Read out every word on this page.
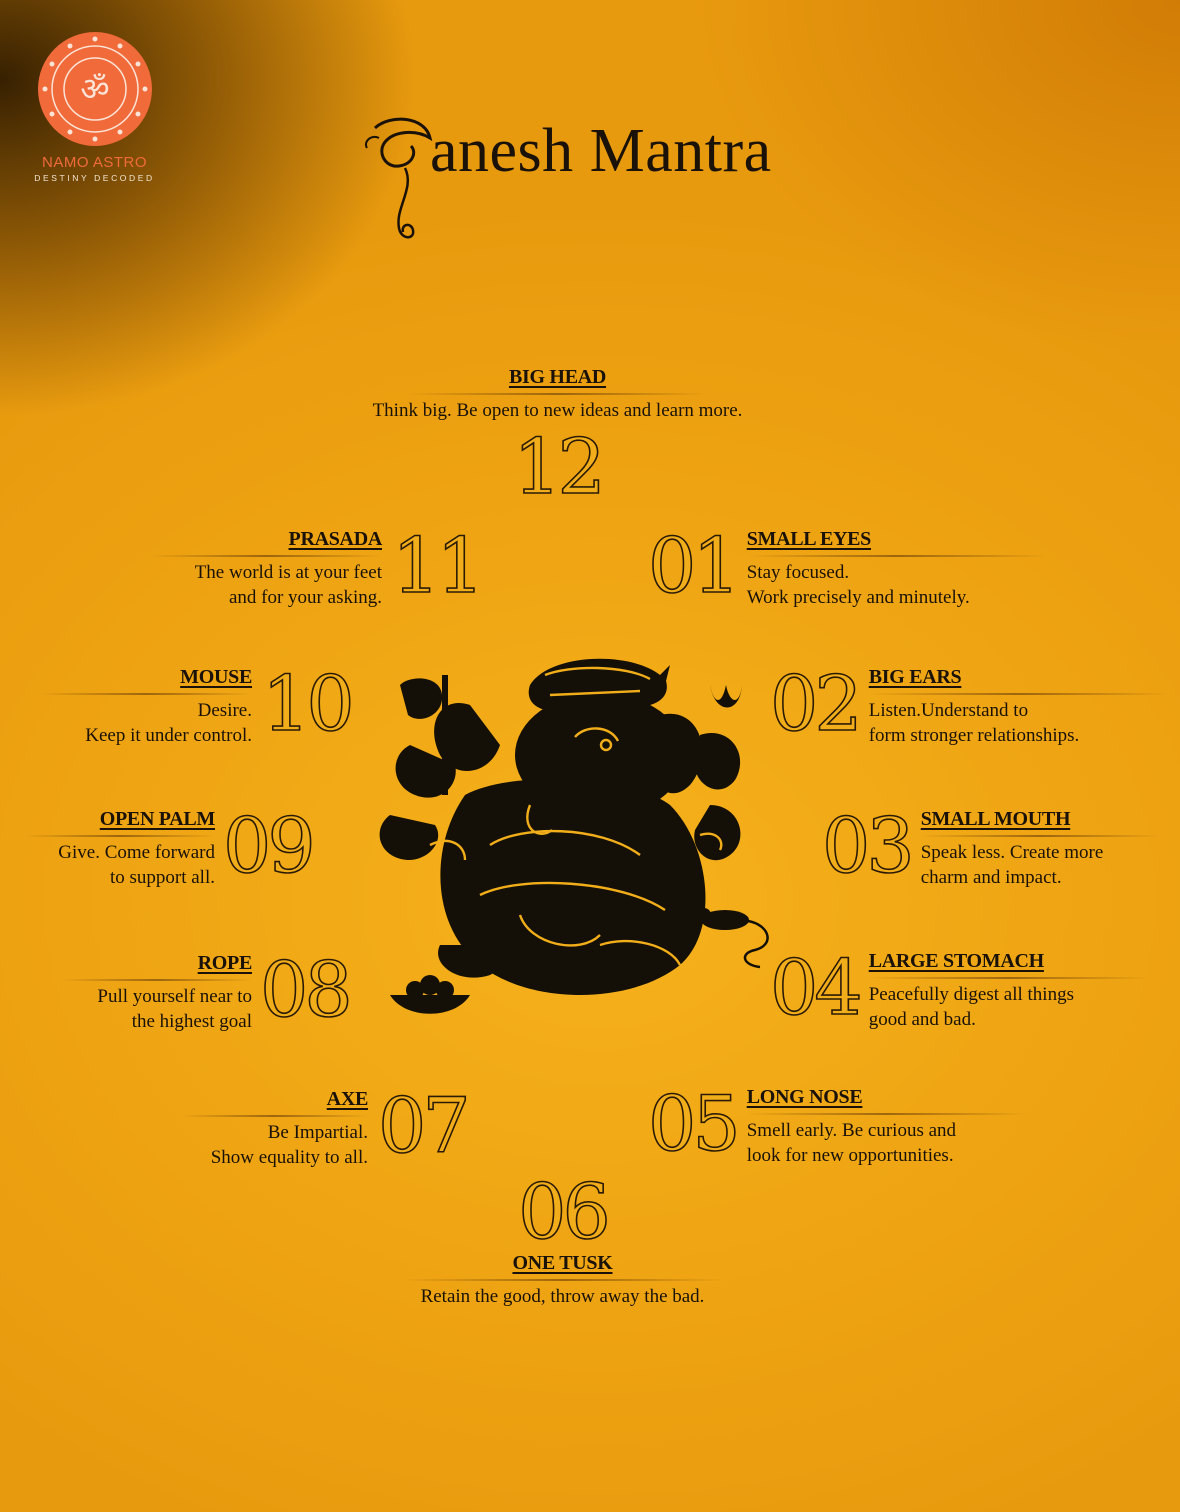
ॐ
NAMO ASTRO
DESTINY DECODED	anesh Mantra
BIG HEAD
Think big. Be open to new ideas and learn more.
12
PRASADA
The world is at your feet
and for your asking. 11 01 SMALL EYES
Stay focused.
Work precisely and minutely.
MOUSE
Desire.
Keep it under control. 10	02 BIG EARS
Listen.Understand to
form stronger relationships.
OPEN PALM
Give. Come forward
to support all. 09	03 SMALL MOUTH
Speak less. Create more
charm and impact.
ROPE
Pull yourself near to
the highest goal 08	04 LARGE STOMACH
Peacefully digest all things
good and bad.
AXE
Be Impartial.
Show equality to all. 07 05 LONG NOSE
Smell early. Be curious and
look for new opportunities.
06
ONE TUSK
Retain the good, throw away the bad.
